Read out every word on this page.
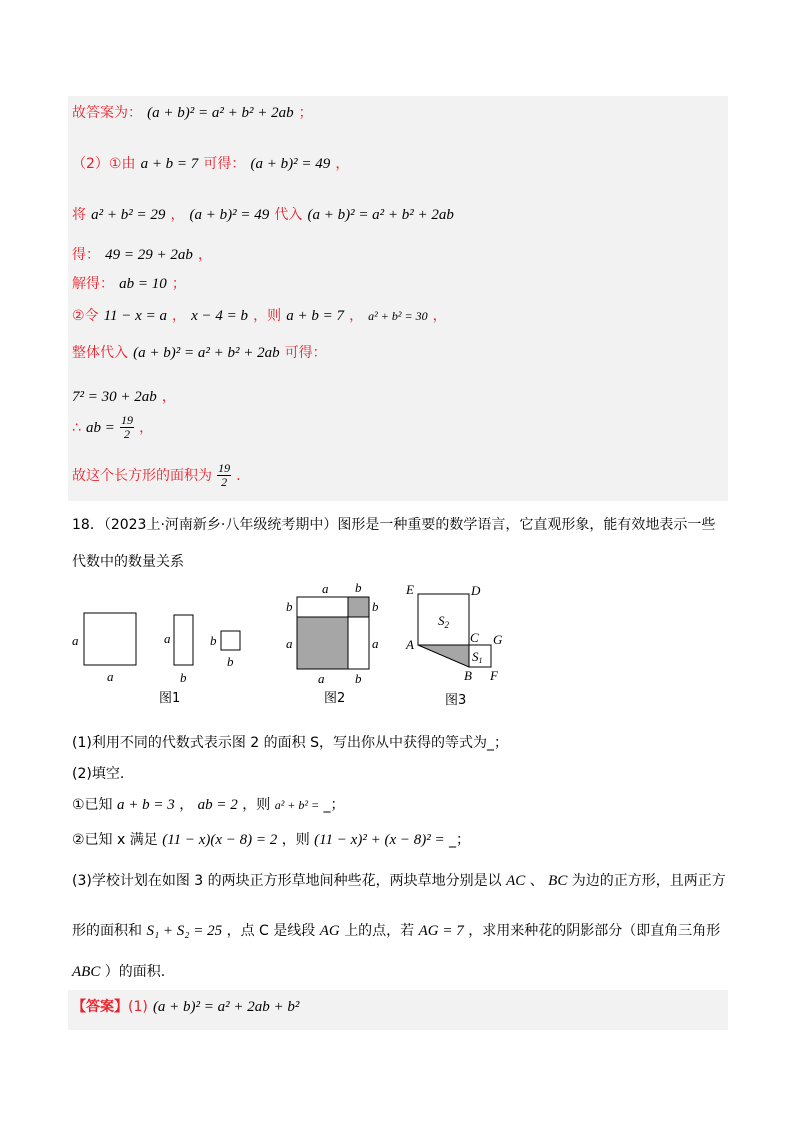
故答案为： (a + b)² = a² + b² + 2ab ；
（2）①由 a + b = 7 可得： (a + b)² = 49 ，
将 a² + b² = 29 ， (a + b)² = 49 代入 (a + b)² = a² + b² + 2ab
得： 49 = 29 + 2ab ，
解得： ab = 10 ；
②令 11 − x = a ， x − 4 = b ，则 a + b = 7 ， a² + b² = 30 ，
整体代入 (a + b)² = a² + b² + 2ab 可得：
7² = 30 + 2ab ，
∴ ab = $\frac{19}{2}$ ，
故这个长方形的面积为 $\frac{19}{2}$ ．
18．（2023上·河南新乡·八年级统考期中）图形是一种重要的数学语言，它直观形象，能有效地表示一些
代数中的数量关系
a
a
a
b
b
b
图1
a b
b	b
a	a
a b
图2
E	D
A	C G
B F
$S_2$
S1
图3
(1)利用不同的代数式表示图 2 的面积 S，写出你从中获得的等式为_；
(2)填空.
①已知 a + b = 3 ， ab = 2 ，则 a² + b² = _；
②已知 x 满足 (11 − x)(x − 8) = 2 ，则 (11 − x)² + (x − 8)² = _；
(3)学校计划在如图 3 的两块正方形草地间种些花，两块草地分别是以 AC 、 BC 为边的正方形，且两正方
形的面积和 S₁ + S₂ = 25 ，点 C 是线段 AG 上的点，若 AG = 7 ，求用来种花的阴影部分（即直角三角形
ABC ）的面积.
【答案】(1) (a + b)² = a² + 2ab + b²
